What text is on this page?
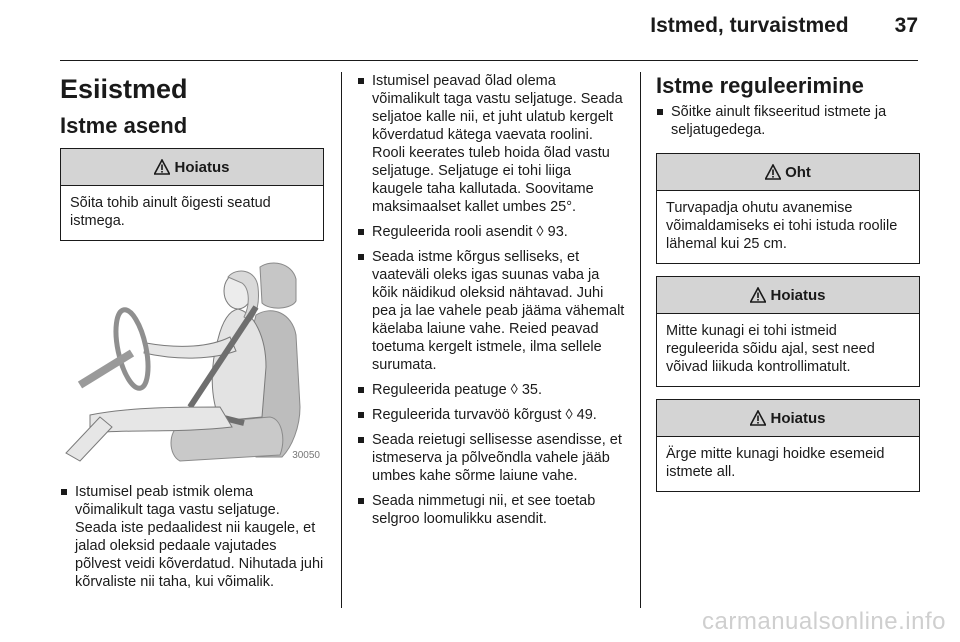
Istmed, turvaistmed 37
Esiistmed
Istme asend
Hoiatus
Sõita tohib ainult õigesti seatud istmega.
30050
Istumisel peab istmik olema võimalikult taga vastu seljatuge. Seada iste pedaalidest nii kaugele, et jalad oleksid pedaale vajutades põlvest veidi kõverdatud. Nihutada juhi kõrvaliste nii taha, kui võimalik.
Istumisel peavad õlad olema võimalikult taga vastu seljatuge. Seada seljatoe kalle nii, et juht ulatub kergelt kõverdatud kätega vaevata roolini. Rooli keerates tuleb hoida õlad vastu seljatuge. Seljatuge ei tohi liiga kaugele taha kallutada. Soovitame maksimaalset kallet umbes 25°.
Reguleerida rooli asendit ◊ 93.
Seada istme kõrgus selliseks, et vaateväli oleks igas suunas vaba ja kõik näidikud oleksid nähtavad. Juhi pea ja lae vahele peab jääma vähemalt käelaba laiune vahe. Reied peavad toetuma kergelt istmele, ilma sellele surumata.
Reguleerida peatuge ◊ 35.
Reguleerida turvavöö kõrgust ◊ 49.
Seada reietugi sellisesse asendisse, et istmeserva ja põlveõndla vahele jääb umbes kahe sõrme laiune vahe.
Seada nimmetugi nii, et see toetab selgroo loomulikku asendit.
Istme reguleerimine
Sõitke ainult fikseeritud istmete ja seljatugedega.
Oht
Turvapadja ohutu avanemise võimaldamiseks ei tohi istuda roolile lähemal kui 25 cm.
Hoiatus
Mitte kunagi ei tohi istmeid reguleerida sõidu ajal, sest need võivad liikuda kontrollimatult.
Hoiatus
Ärge mitte kunagi hoidke esemeid istmete all.
carmanualsonline.info
